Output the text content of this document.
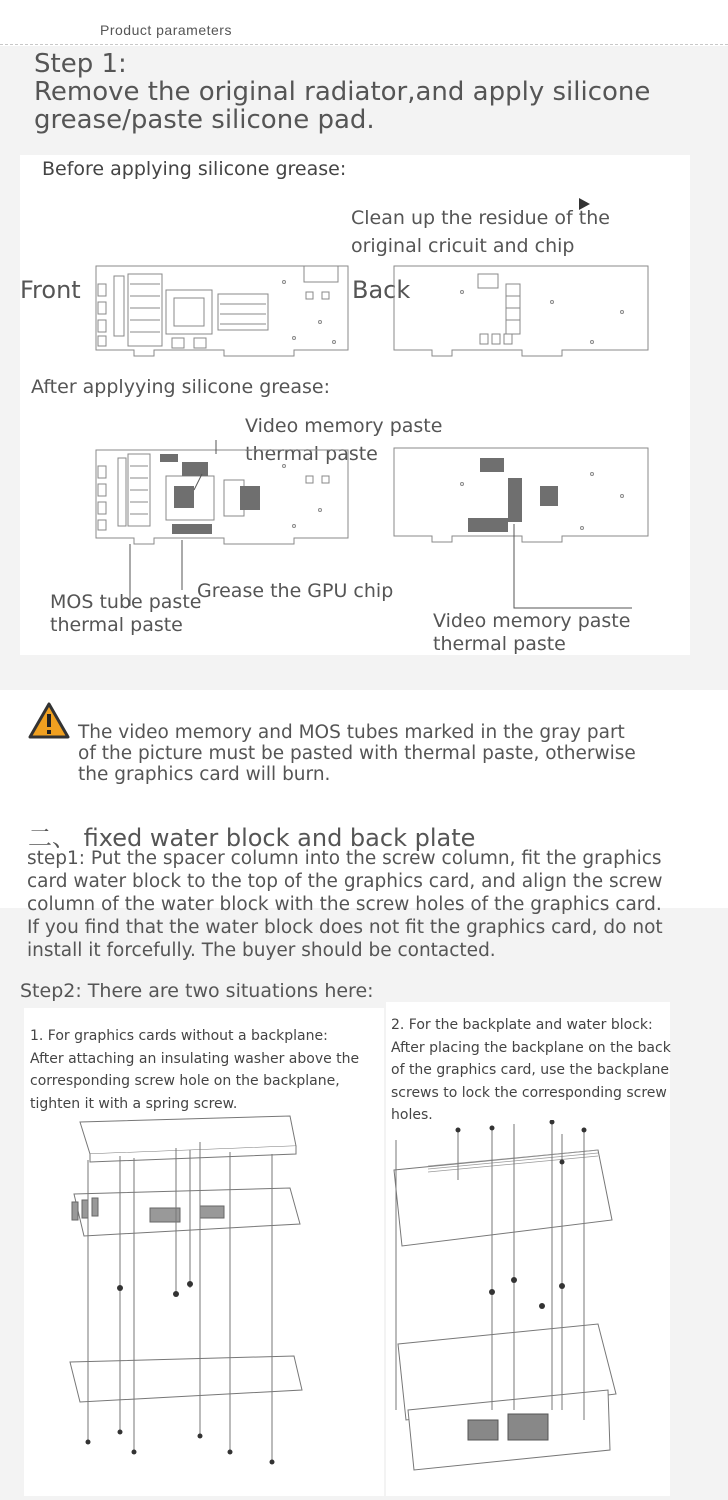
Product parameters
Step 1:
Remove the original radiator,and apply silicone
grease/paste silicone pad.
Before applying silicone grease:
Clean up the residue of the
original cricuit and chip
Front	Back
After applyying silicone grease:
Video memory paste
thermal paste
Grease the GPU chip
MOS tube paste
thermal paste	Video memory paste
thermal paste
The video memory and MOS tubes marked in the gray part
of the picture must be pasted with thermal paste, otherwise
the graphics card will burn.
二、 fixed water block and back plate
step1: Put the spacer column into the screw column, fit the graphics
card water block to the top of the graphics card, and align the screw
column of the water block with the screw holes of the graphics card.
If you find that the water block does not fit the graphics card, do not
install it forcefully. The buyer should be contacted.
Step2: There are two situations here:
1. For graphics cards without a backplane:
After attaching an insulating washer above the
corresponding screw hole on the backplane,
tighten it with a spring screw.
2. For the backplate and water block:
After placing the backplane on the back
of the graphics card, use the backplane
screws to lock the corresponding screw
holes.
